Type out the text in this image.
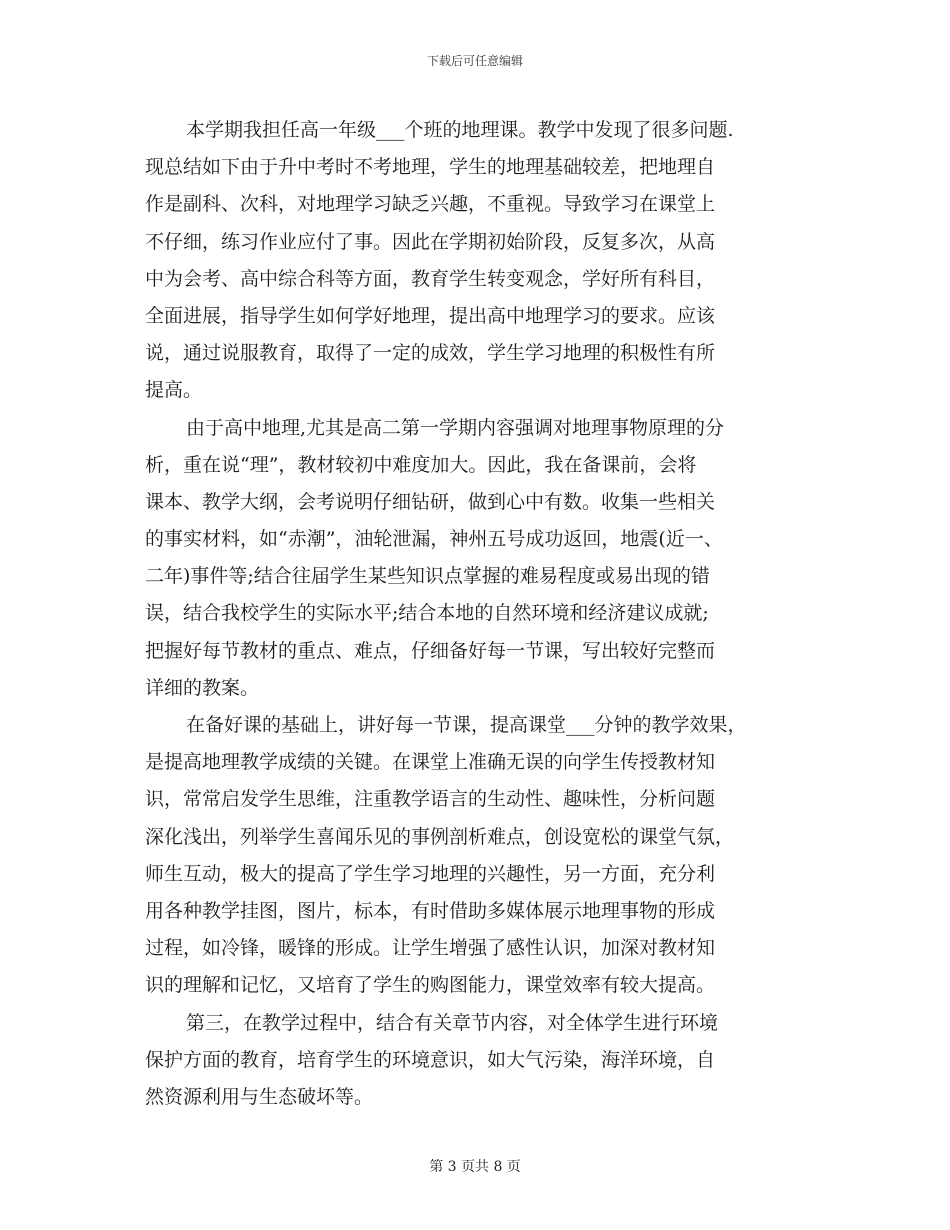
下载后可任意编辑
本学期我担任高一年级___个班的地理课。教学中发现了很多问题.
现总结如下由于升中考时不考地理，学生的地理基础较差，把地理自
作是副科、次科，对地理学习缺乏兴趣，不重视。导致学习在课堂上
不仔细，练习作业应付了事。因此在学期初始阶段，反复多次，从高
中为会考、高中综合科等方面，教育学生转变观念，学好所有科目，
全面进展，指导学生如何学好地理，提出高中地理学习的要求。应该
说，通过说服教育，取得了一定的成效，学生学习地理的积极性有所
提高。
由于高中地理,尤其是高二第一学期内容强调对地理事物原理的分
析，重在说“理”，教材较初中难度加大。因此，我在备课前，会将
课本、教学大纲，会考说明仔细钻研，做到心中有数。收集一些相关
的事实材料，如“赤潮”，油轮泄漏，神州五号成功返回，地震(近一、
二年)事件等;结合往届学生某些知识点掌握的难易程度或易出现的错
误，结合我校学生的实际水平;结合本地的自然环境和经济建议成就;
把握好每节教材的重点、难点，仔细备好每一节课，写出较好完整而
详细的教案。
在备好课的基础上，讲好每一节课，提高课堂___分钟的教学效果，
是提高地理教学成绩的关键。在课堂上准确无误的向学生传授教材知
识，常常启发学生思维，注重教学语言的生动性、趣味性，分析问题
深化浅出，列举学生喜闻乐见的事例剖析难点，创设宽松的课堂气氛，
师生互动，极大的提高了学生学习地理的兴趣性，另一方面，充分利
用各种教学挂图，图片，标本，有时借助多媒体展示地理事物的形成
过程，如冷锋，暖锋的形成。让学生增强了感性认识，加深对教材知
识的理解和记忆，又培育了学生的购图能力，课堂效率有较大提高。
第三，在教学过程中，结合有关章节内容，对全体学生进行环境
保护方面的教育，培育学生的环境意识，如大气污染，海洋环境，自
然资源利用与生态破坏等。
第 3 页共 8 页
